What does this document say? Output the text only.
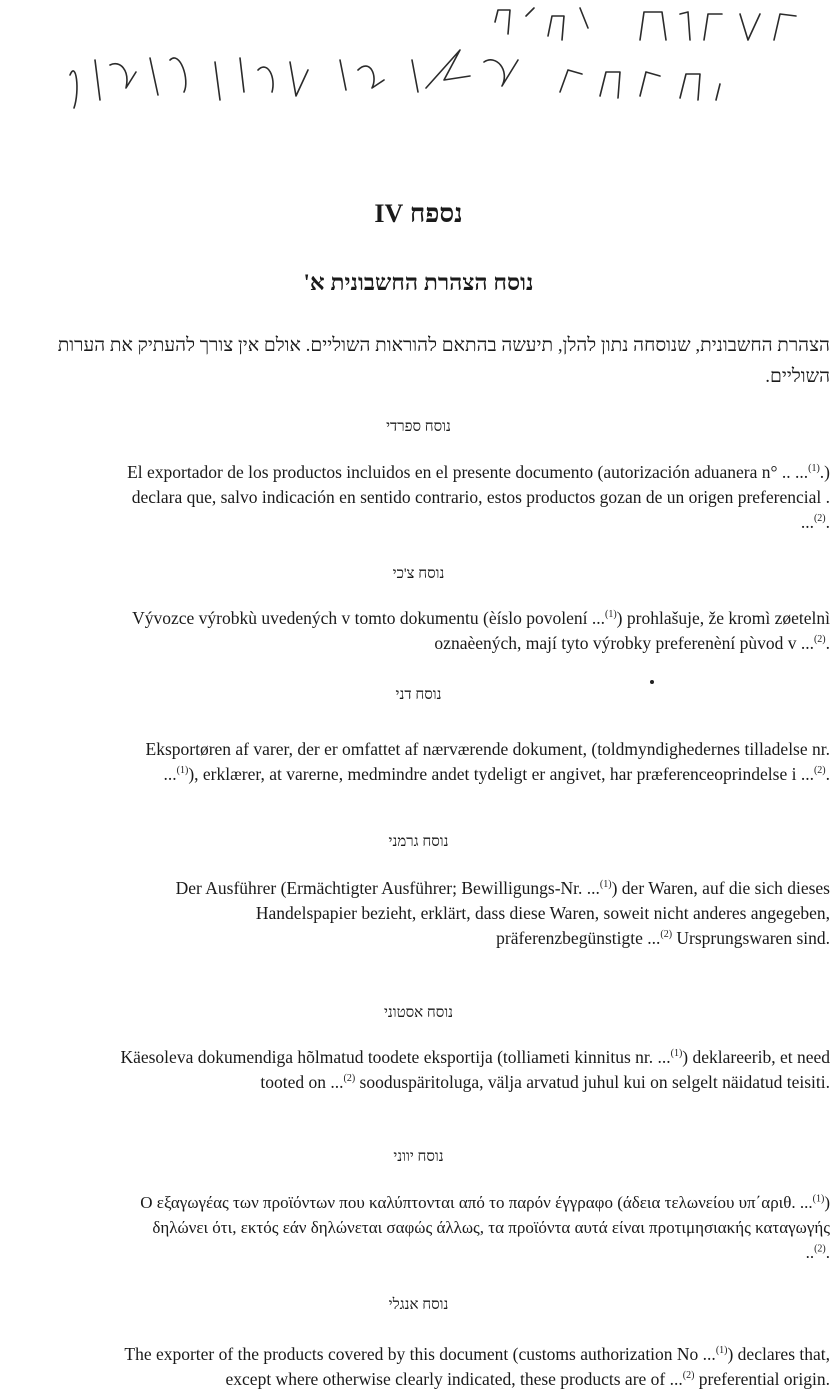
נספח IV
נוסח הצהרת החשבונית א'
הצהרת החשבונית, שנוסחה נתון להלן, תיעשה בהתאם להוראות השוליים. אולם אין צורך להעתיק את הערות השוליים.
נוסח ספרדי
El exportador de los productos incluidos en el presente documento (autorización aduanera n° .. ...$^{(1)}$.)
declara que, salvo indicación en sentido contrario, estos productos gozan de un origen preferencial .
...$^{(2)}$.
נוסח צ'כי
Vývozce výrobkù uvedených v tomto dokumentu (èíslo povolení ...$^{(1)}$) prohlašuje, že kromì zøetelnì
oznaèených, mají tyto výrobky preferenèní pùvod v ...$^{(2)}$.
נוסח דני
Eksportøren af varer, der er omfattet af nærværende dokument, (toldmyndighedernes tilladelse nr.
...$^{(1)}$), erklærer, at varerne, medmindre andet tydeligt er angivet, har præferenceoprindelse i ...$^{(2)}$.
נוסח גרמני
Der Ausführer (Ermächtigter Ausführer; Bewilligungs-Nr. ...$^{(1)}$) der Waren, auf die sich dieses
Handelspapier bezieht, erklärt, dass diese Waren, soweit nicht anderes angegeben,
präferenzbegünstigte ...$^{(2)}$ Ursprungswaren sind.
נוסח אסטוני
Käesoleva dokumendiga hõlmatud toodete eksportija (tolliameti kinnitus nr. ...$^{(1)}$) deklareerib, et need
tooted on ...$^{(2)}$ sooduspäritoluga, välja arvatud juhul kui on selgelt näidatud teisiti.
נוסח יווני
Ο εξαγωγέας των προϊόντων που καλύπτονται από το παρόν έγγραφο (άδεια τελωνείου υπ΄αριθ. ...$^{(1)}$)
δηλώνει ότι, εκτός εάν δηλώνεται σαφώς άλλως, τα προϊόντα αυτά είναι προτιμησιακής καταγωγής
..$^{(2)}$.
נוסח אנגלי
The exporter of the products covered by this document (customs authorization No ...$^{(1)}$) declares that,
except where otherwise clearly indicated, these products are of ...$^{(2)}$ preferential origin.
